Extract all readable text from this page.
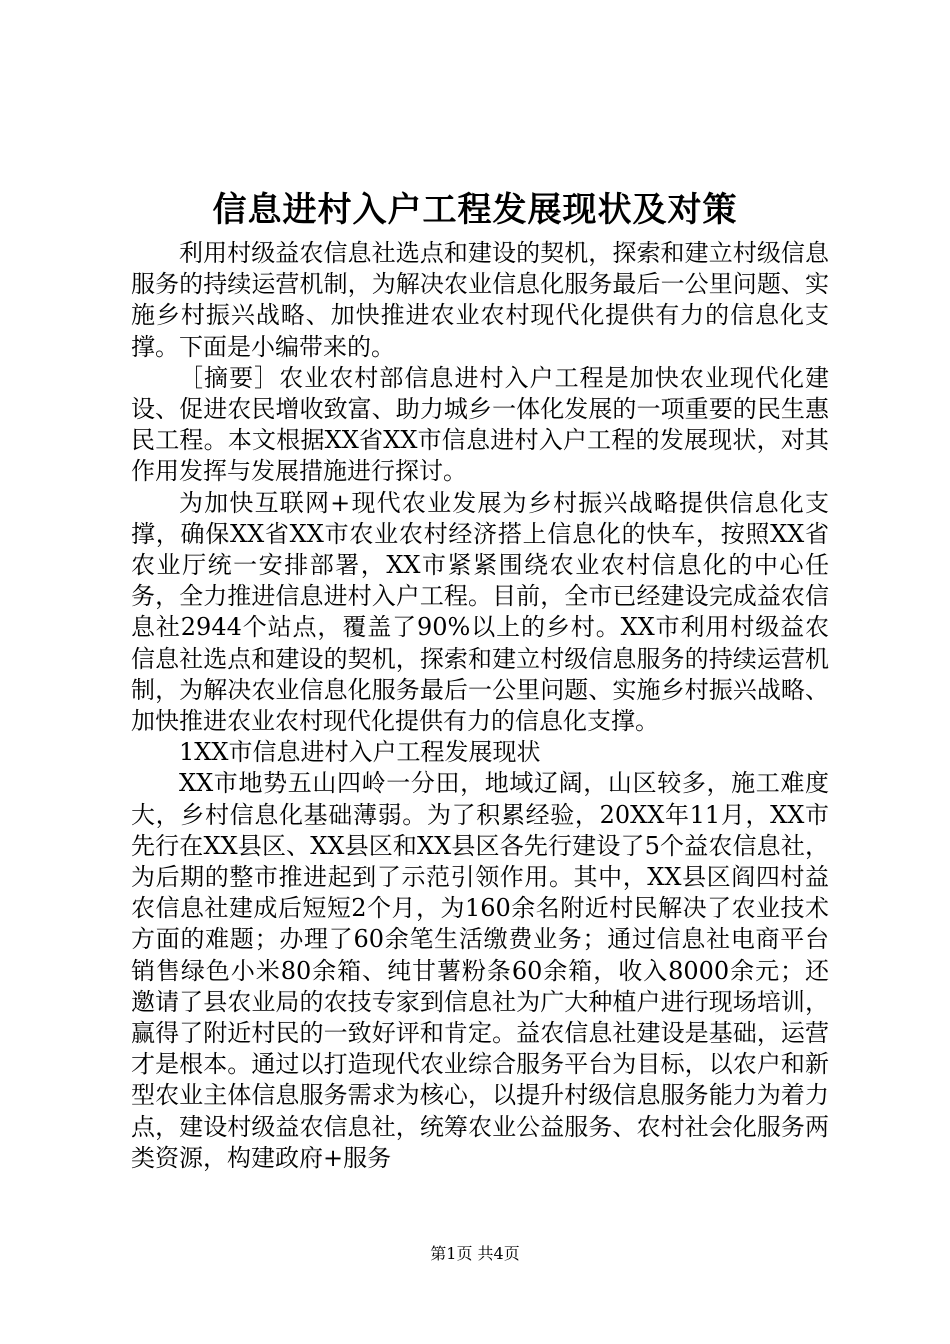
信息进村入户工程发展现状及对策

利用村级益农信息社选点和建设的契机，探索和建立村级信息服务的持续运营机制，为解决农业信息化服务最后一公里问题、实施乡村振兴战略、加快推进农业农村现代化提供有力的信息化支撑。下面是小编带来的。

［摘要］农业农村部信息进村入户工程是加快农业现代化建设、促进农民增收致富、助力城乡一体化发展的一项重要的民生惠民工程。本文根据XX省XX市信息进村入户工程的发展现状，对其作用发挥与发展措施进行探讨。

为加快互联网+现代农业发展为乡村振兴战略提供信息化支撑，确保XX省XX市农业农村经济搭上信息化的快车，按照XX省农业厅统一安排部署，XX市紧紧围绕农业农村信息化的中心任务，全力推进信息进村入户工程。目前，全市已经建设完成益农信息社2944个站点，覆盖了90%以上的乡村。XX市利用村级益农信息社选点和建设的契机，探索和建立村级信息服务的持续运营机制，为解决农业信息化服务最后一公里问题、实施乡村振兴战略、加快推进农业农村现代化提供有力的信息化支撑。

1XX市信息进村入户工程发展现状

XX市地势五山四岭一分田，地域辽阔，山区较多，施工难度大，乡村信息化基础薄弱。为了积累经验，20XX年11月，XX市先行在XX县区、XX县区和XX县区各先行建设了5个益农信息社，为后期的整市推进起到了示范引领作用。其中，XX县区阎四村益农信息社建成后短短2个月，为160余名附近村民解决了农业技术方面的难题；办理了60余笔生活缴费业务；通过信息社电商平台销售绿色小米80余箱、纯甘薯粉条60余箱，收入8000余元；还邀请了县农业局的农技专家到信息社为广大种植户进行现场培训，赢得了附近村民的一致好评和肯定。益农信息社建设是基础，运营才是根本。通过以打造现代农业综合服务平台为目标，以农户和新型农业主体信息服务需求为核心，以提升村级信息服务能力为着力点，建设村级益农信息社，统筹农业公益服务、农村社会化服务两类资源，构建政府+服务

第1页 共4页
